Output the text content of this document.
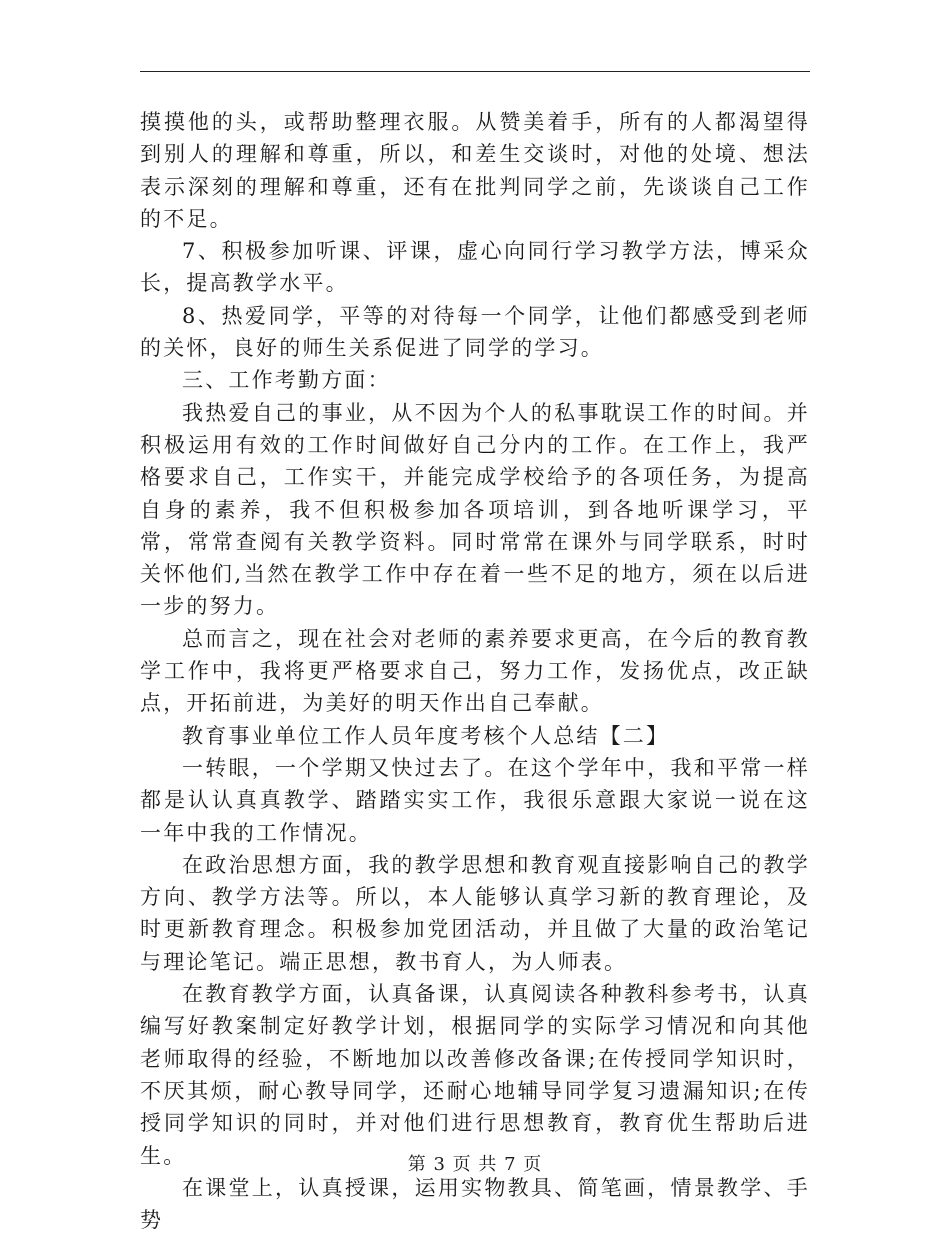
摸摸他的头，或帮助整理衣服。从赞美着手，所有的人都渴望得到别人的理解和尊重，所以，和差生交谈时，对他的处境、想法表示深刻的理解和尊重，还有在批判同学之前，先谈谈自己工作的不足。

7、积极参加听课、评课，虚心向同行学习教学方法，博采众长，提高教学水平。

8、热爱同学，平等的对待每一个同学，让他们都感受到老师的关怀，良好的师生关系促进了同学的学习。

三、工作考勤方面：

我热爱自己的事业，从不因为个人的私事耽误工作的时间。并积极运用有效的工作时间做好自己分内的工作。在工作上，我严格要求自己，工作实干，并能完成学校给予的各项任务，为提高自身的素养，我不但积极参加各项培训，到各地听课学习，平常，常常查阅有关教学资料。同时常常在课外与同学联系，时时关怀他们,当然在教学工作中存在着一些不足的地方，须在以后进一步的努力。

总而言之，现在社会对老师的素养要求更高，在今后的教育教学工作中，我将更严格要求自己，努力工作，发扬优点，改正缺点，开拓前进，为美好的明天作出自己奉献。

教育事业单位工作人员年度考核个人总结【二】

一转眼，一个学期又快过去了。在这个学年中，我和平常一样都是认认真真教学、踏踏实实工作，我很乐意跟大家说一说在这一年中我的工作情况。

在政治思想方面，我的教学思想和教育观直接影响自己的教学方向、教学方法等。所以，本人能够认真学习新的教育理论，及时更新教育理念。积极参加党团活动，并且做了大量的政治笔记与理论笔记。端正思想，教书育人，为人师表。

在教育教学方面，认真备课，认真阅读各种教科参考书，认真编写好教案制定好教学计划，根据同学的实际学习情况和向其他老师取得的经验，不断地加以改善修改备课;在传授同学知识时，不厌其烦，耐心教导同学，还耐心地辅导同学复习遗漏知识;在传授同学知识的同时，并对他们进行思想教育，教育优生帮助后进生。

在课堂上，认真授课，运用实物教具、简笔画，情景教学、手势

第 3 页 共 7 页
